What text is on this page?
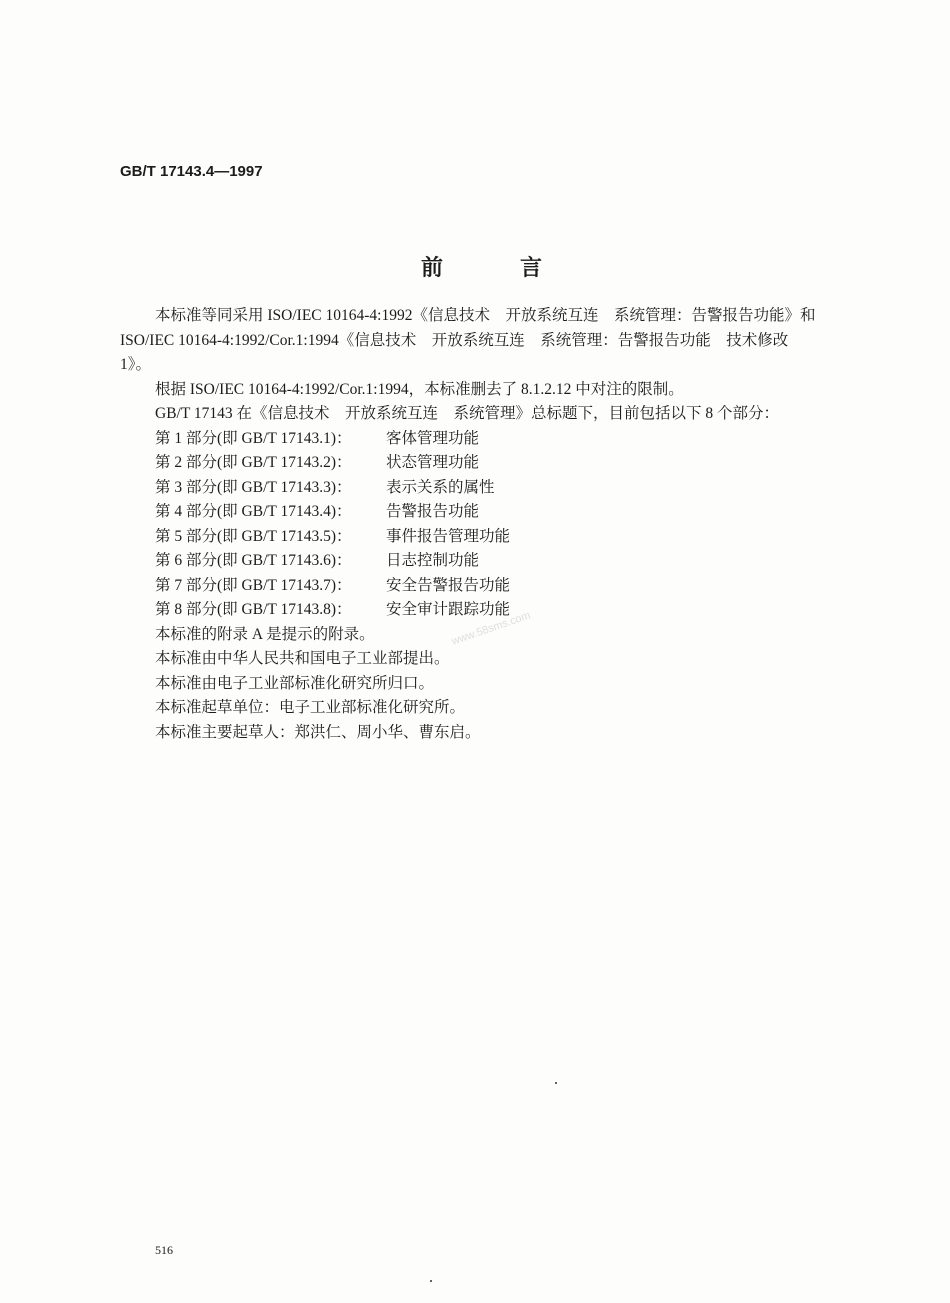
GB/T 17143.4—1997
前　　言
本标准等同采用 ISO/IEC 10164-4:1992《信息技术　开放系统互连　系统管理：告警报告功能》和
ISO/IEC 10164-4:1992/Cor.1:1994《信息技术　开放系统互连　系统管理：告警报告功能　技术修改
1》。
根据 ISO/IEC 10164-4:1992/Cor.1:1994，本标准删去了 8.1.2.12 中对注的限制。
GB/T 17143 在《信息技术　开放系统互连　系统管理》总标题下，目前包括以下 8 个部分：
第 1 部分(即 GB/T 17143.1)： 客体管理功能
第 2 部分(即 GB/T 17143.2)： 状态管理功能
第 3 部分(即 GB/T 17143.3)： 表示关系的属性
第 4 部分(即 GB/T 17143.4)： 告警报告功能
第 5 部分(即 GB/T 17143.5)： 事件报告管理功能
第 6 部分(即 GB/T 17143.6)： 日志控制功能
第 7 部分(即 GB/T 17143.7)： 安全告警报告功能
第 8 部分(即 GB/T 17143.8)： 安全审计跟踪功能
本标准的附录 A 是提示的附录。
本标准由中华人民共和国电子工业部提出。
本标准由电子工业部标准化研究所归口。
本标准起草单位：电子工业部标准化研究所。
本标准主要起草人：郑洪仁、周小华、曹东启。
www.58sms.com
516
